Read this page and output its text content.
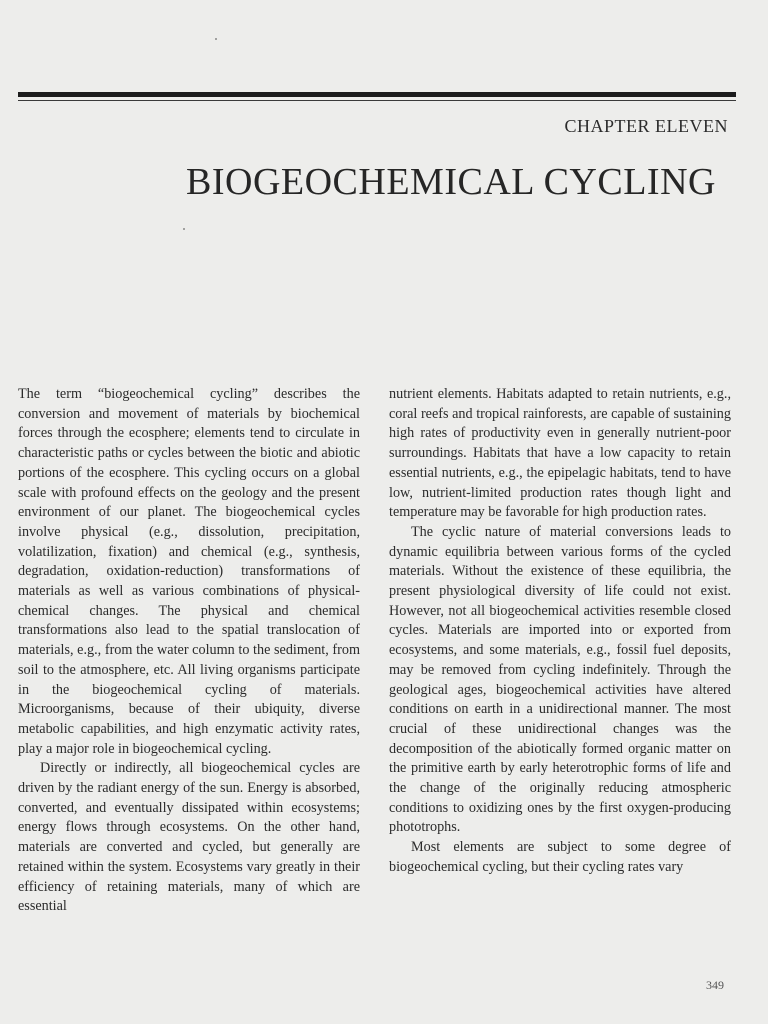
CHAPTER ELEVEN
BIOGEOCHEMICAL CYCLING

The term “biogeochemical cycling” describes the conversion and movement of materials by biochemical forces through the ecosphere; elements tend to circulate in characteristic paths or cycles between the biotic and abiotic portions of the ecosphere. This cycling occurs on a global scale with profound effects on the geology and the present environment of our planet. The biogeochemical cycles involve physical (e.g., dissolution, precipitation, volatilization, fixation) and chemical (e.g., synthesis, degradation, oxidation-reduction) transformations of materials as well as various combinations of physical-chemical changes. The physical and chemical transformations also lead to the spatial translocation of materials, e.g., from the water column to the sediment, from soil to the atmosphere, etc. All living organisms participate in the biogeochemical cycling of materials. Microorganisms, because of their ubiquity, diverse metabolic capabilities, and high enzymatic activity rates, play a major role in biogeochemical cycling.

Directly or indirectly, all biogeochemical cycles are driven by the radiant energy of the sun. Energy is absorbed, converted, and eventually dissipated within ecosystems; energy flows through ecosystems. On the other hand, materials are converted and cycled, but generally are retained within the system. Ecosystems vary greatly in their efficiency of retaining materials, many of which are essential

nutrient elements. Habitats adapted to retain nutrients, e.g., coral reefs and tropical rainforests, are capable of sustaining high rates of productivity even in generally nutrient-poor surroundings. Habitats that have a low capacity to retain essential nutrients, e.g., the epipelagic habitats, tend to have low, nutrient-limited production rates though light and temperature may be favorable for high production rates.

The cyclic nature of material conversions leads to dynamic equilibria between various forms of the cycled materials. Without the existence of these equilibria, the present physiological diversity of life could not exist. However, not all biogeochemical activities resemble closed cycles. Materials are imported into or exported from ecosystems, and some materials, e.g., fossil fuel deposits, may be removed from cycling indefinitely. Through the geological ages, biogeochemical activities have altered conditions on earth in a unidirectional manner. The most crucial of these unidirectional changes was the decomposition of the abiotically formed organic matter on the primitive earth by early heterotrophic forms of life and the change of the originally reducing atmospheric conditions to oxidizing ones by the first oxygen-producing phototrophs.

Most elements are subject to some degree of biogeochemical cycling, but their cycling rates vary

349
